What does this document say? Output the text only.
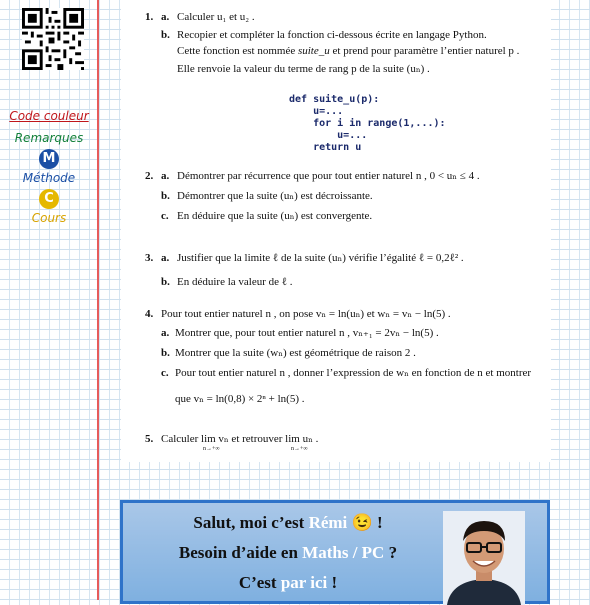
Code couleur
Remarques
M
Méthode
C
Cours
1. a. Calculer u₁ et u₂ .
b. Recopier et compléter la fonction ci-dessous écrite en langage Python.
Cette fonction est nommée suite_u et prend pour paramètre l’entier naturel p .
Elle renvoie la valeur du terme de rang p de la suite (uₙ) .
def suite_u(p):
u=...
for i in range(1,...):
u=...
return u
2. a. Démontrer par récurrence que pour tout entier naturel n , 0 < uₙ ≤ 4 .
b. Démontrer que la suite (uₙ) est décroissante.
c. En déduire que la suite (uₙ) est convergente.
3. a. Justifier que la limite ℓ de la suite (uₙ) vérifie l’égalité ℓ = 0,2ℓ² .
b. En déduire la valeur de ℓ .
4. Pour tout entier naturel n , on pose vₙ = ln(uₙ) et wₙ = vₙ − ln(5) .
a. Montrer que, pour tout entier naturel n , vₙ₊₁ = 2vₙ − ln(5) .
b. Montrer que la suite (wₙ) est géométrique de raison 2 .
c. Pour tout entier naturel n , donner l’expression de wₙ en fonction de n et montrer
que vₙ = ln(0,8) × 2ⁿ + ln(5) .
5. Calculer lim vₙ et retrouver lim uₙ .
n→+∞	n→+∞
Salut, moi c’est Rémi 😉 !
Besoin d’aide en Maths / PC ?
C’est par ici !
